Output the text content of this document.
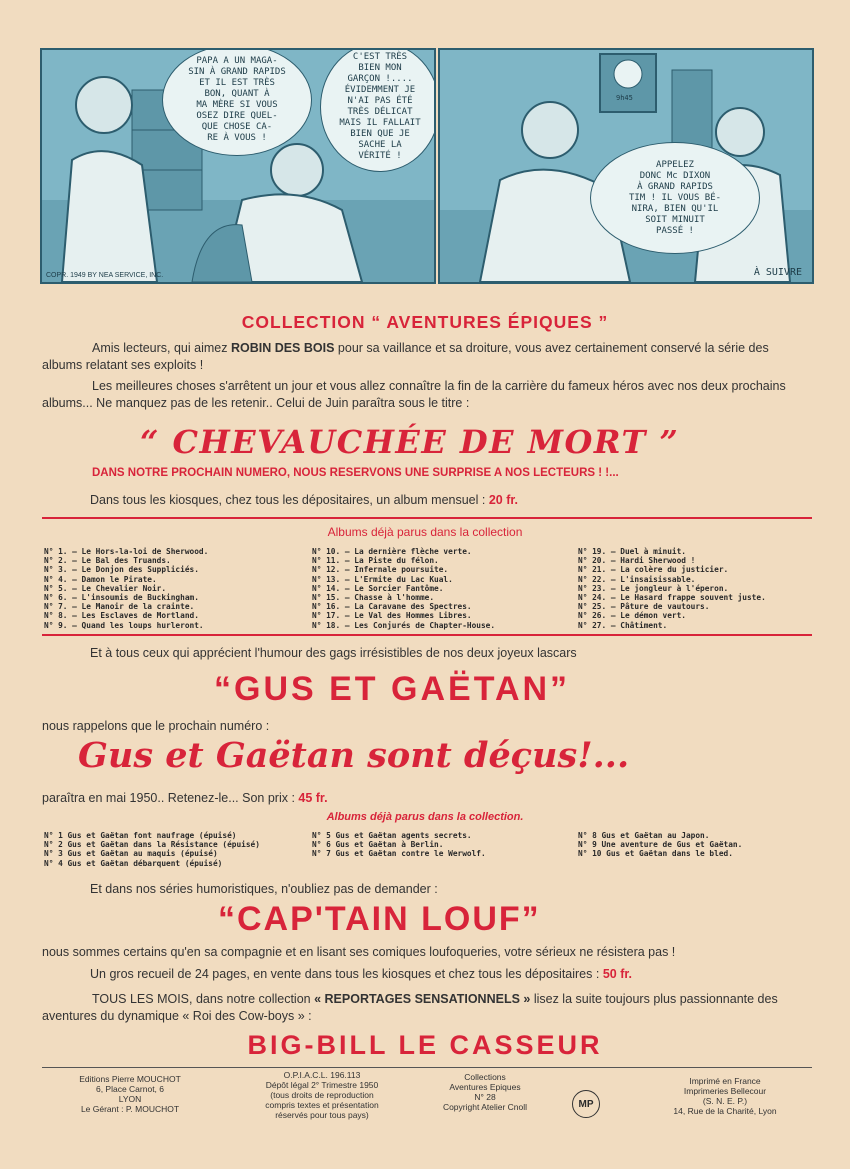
PAPA A UN MAGA-
SIN À GRAND RAPIDS
ET IL EST TRÈS
BON, QUANT À
MA MÈRE SI VOUS
OSEZ DIRE QUEL-
QUE CHOSE CA-
RE À VOUS !
C'EST TRÈS
BIEN MON
GARÇON !....
ÉVIDEMMENT JE
N'AI PAS ÉTÉ
TRÈS DÉLICAT
MAIS IL FALLAIT
BIEN QUE JE
SACHE LA
VÉRITÉ !
COPR. 1949 BY NEA SERVICE, INC.
9h45
APPELEZ
DONC Mc DIXON
À GRAND RAPIDS
TIM ! IL VOUS BÉ-
NIRA, BIEN QU'IL
SOIT MINUIT
PASSÉ !
À SUIVRE

COLLECTION “ AVENTURES ÉPIQUES ”

Amis lecteurs, qui aimez ROBIN DES BOIS pour sa vaillance et sa droiture, vous avez certainement conservé la série des albums relatant ses exploits !

Les meilleures choses s'arrêtent un jour et vous allez connaître la fin de la carrière du fameux héros avec nos deux prochains albums... Ne manquez pas de les retenir.. Celui de Juin paraîtra sous le titre :

“ CHEVAUCHÉE DE MORT ”

DANS NOTRE PROCHAIN NUMERO, NOUS RESERVONS UNE SURPRISE A NOS LECTEURS ! !...

Dans tous les kiosques, chez tous les dépositaires, un album mensuel : 20 fr.

Albums déjà parus dans la collection

N° 1. — Le Hors-la-loi de Sherwood.
N° 2. — Le Bal des Truands.
N° 3. — Le Donjon des Suppliciés.
N° 4. — Damon le Pirate.
N° 5. — Le Chevalier Noir.
N° 6. — L'insoumis de Buckingham.
N° 7. — Le Manoir de la crainte.
N° 8. — Les Esclaves de Mortland.
N° 9. — Quand les loups hurleront.
N° 10. — La dernière flèche verte.
N° 11. — La Piste du félon.
N° 12. — Infernale poursuite.
N° 13. — L'Ermite du Lac Kual.
N° 14. — Le Sorcier Fantôme.
N° 15. — Chasse à l'homme.
N° 16. — La Caravane des Spectres.
N° 17. — Le Val des Hommes Libres.
N° 18. — Les Conjurés de Chapter-House.
N° 19. — Duel à minuit.
N° 20. — Hardi Sherwood !
N° 21. — La colère du justicier.
N° 22. — L'insaisissable.
N° 23. — Le jongleur à l'éperon.
N° 24. — Le Hasard frappe souvent juste.
N° 25. — Pâture de vautours.
N° 26. — Le démon vert.
N° 27. — Châtiment.

Et à tous ceux qui apprécient l'humour des gags irrésistibles de nos deux joyeux lascars

“GUS ET GAËTAN”

nous rappelons que le prochain numéro :

Gus et Gaëtan sont déçus!...

paraîtra en mai 1950.. Retenez-le... Son prix : 45 fr.

Albums déjà parus dans la collection.

N° 1 Gus et Gaëtan font naufrage (épuisé)
N° 2 Gus et Gaëtan dans la Résistance (épuisé)
N° 3 Gus et Gaëtan au maquis (épuisé)
N° 4 Gus et Gaëtan débarquent (épuisé)
N° 5 Gus et Gaëtan agents secrets.
N° 6 Gus et Gaëtan à Berlin.
N° 7 Gus et Gaëtan contre le Werwolf.
N° 8 Gus et Gaëtan au Japon.
N° 9 Une aventure de Gus et Gaëtan.
N° 10 Gus et Gaëtan dans le bled.

Et dans nos séries humoristiques, n'oubliez pas de demander :

“CAP'TAIN LOUF”

nous sommes certains qu'en sa compagnie et en lisant ses comiques loufoqueries, votre sérieux ne résistera pas !

Un gros recueil de 24 pages, en vente dans tous les kiosques et chez tous les dépositaires : 50 fr.

TOUS LES MOIS, dans notre collection « REPORTAGES SENSATIONNELS » lisez la suite toujours plus passionnante des aventures du dynamique « Roi des Cow-boys » :

BIG-BILL LE CASSEUR

Editions Pierre MOUCHOT
6, Place Carnot, 6
LYON
Le Gérant : P. MOUCHOT
O.P.I.A.C.L. 196.113
Dépôt légal 2° Trimestre 1950
(tous droits de reproduction
compris textes et présentation
réservés pour tous pays)
Collections
Aventures Epiques
N° 28
Copyright Atelier Cnoll	MP
Imprimé en France
Imprimeries Bellecour
(S. N. E. P.)
14, Rue de la Charité, Lyon
